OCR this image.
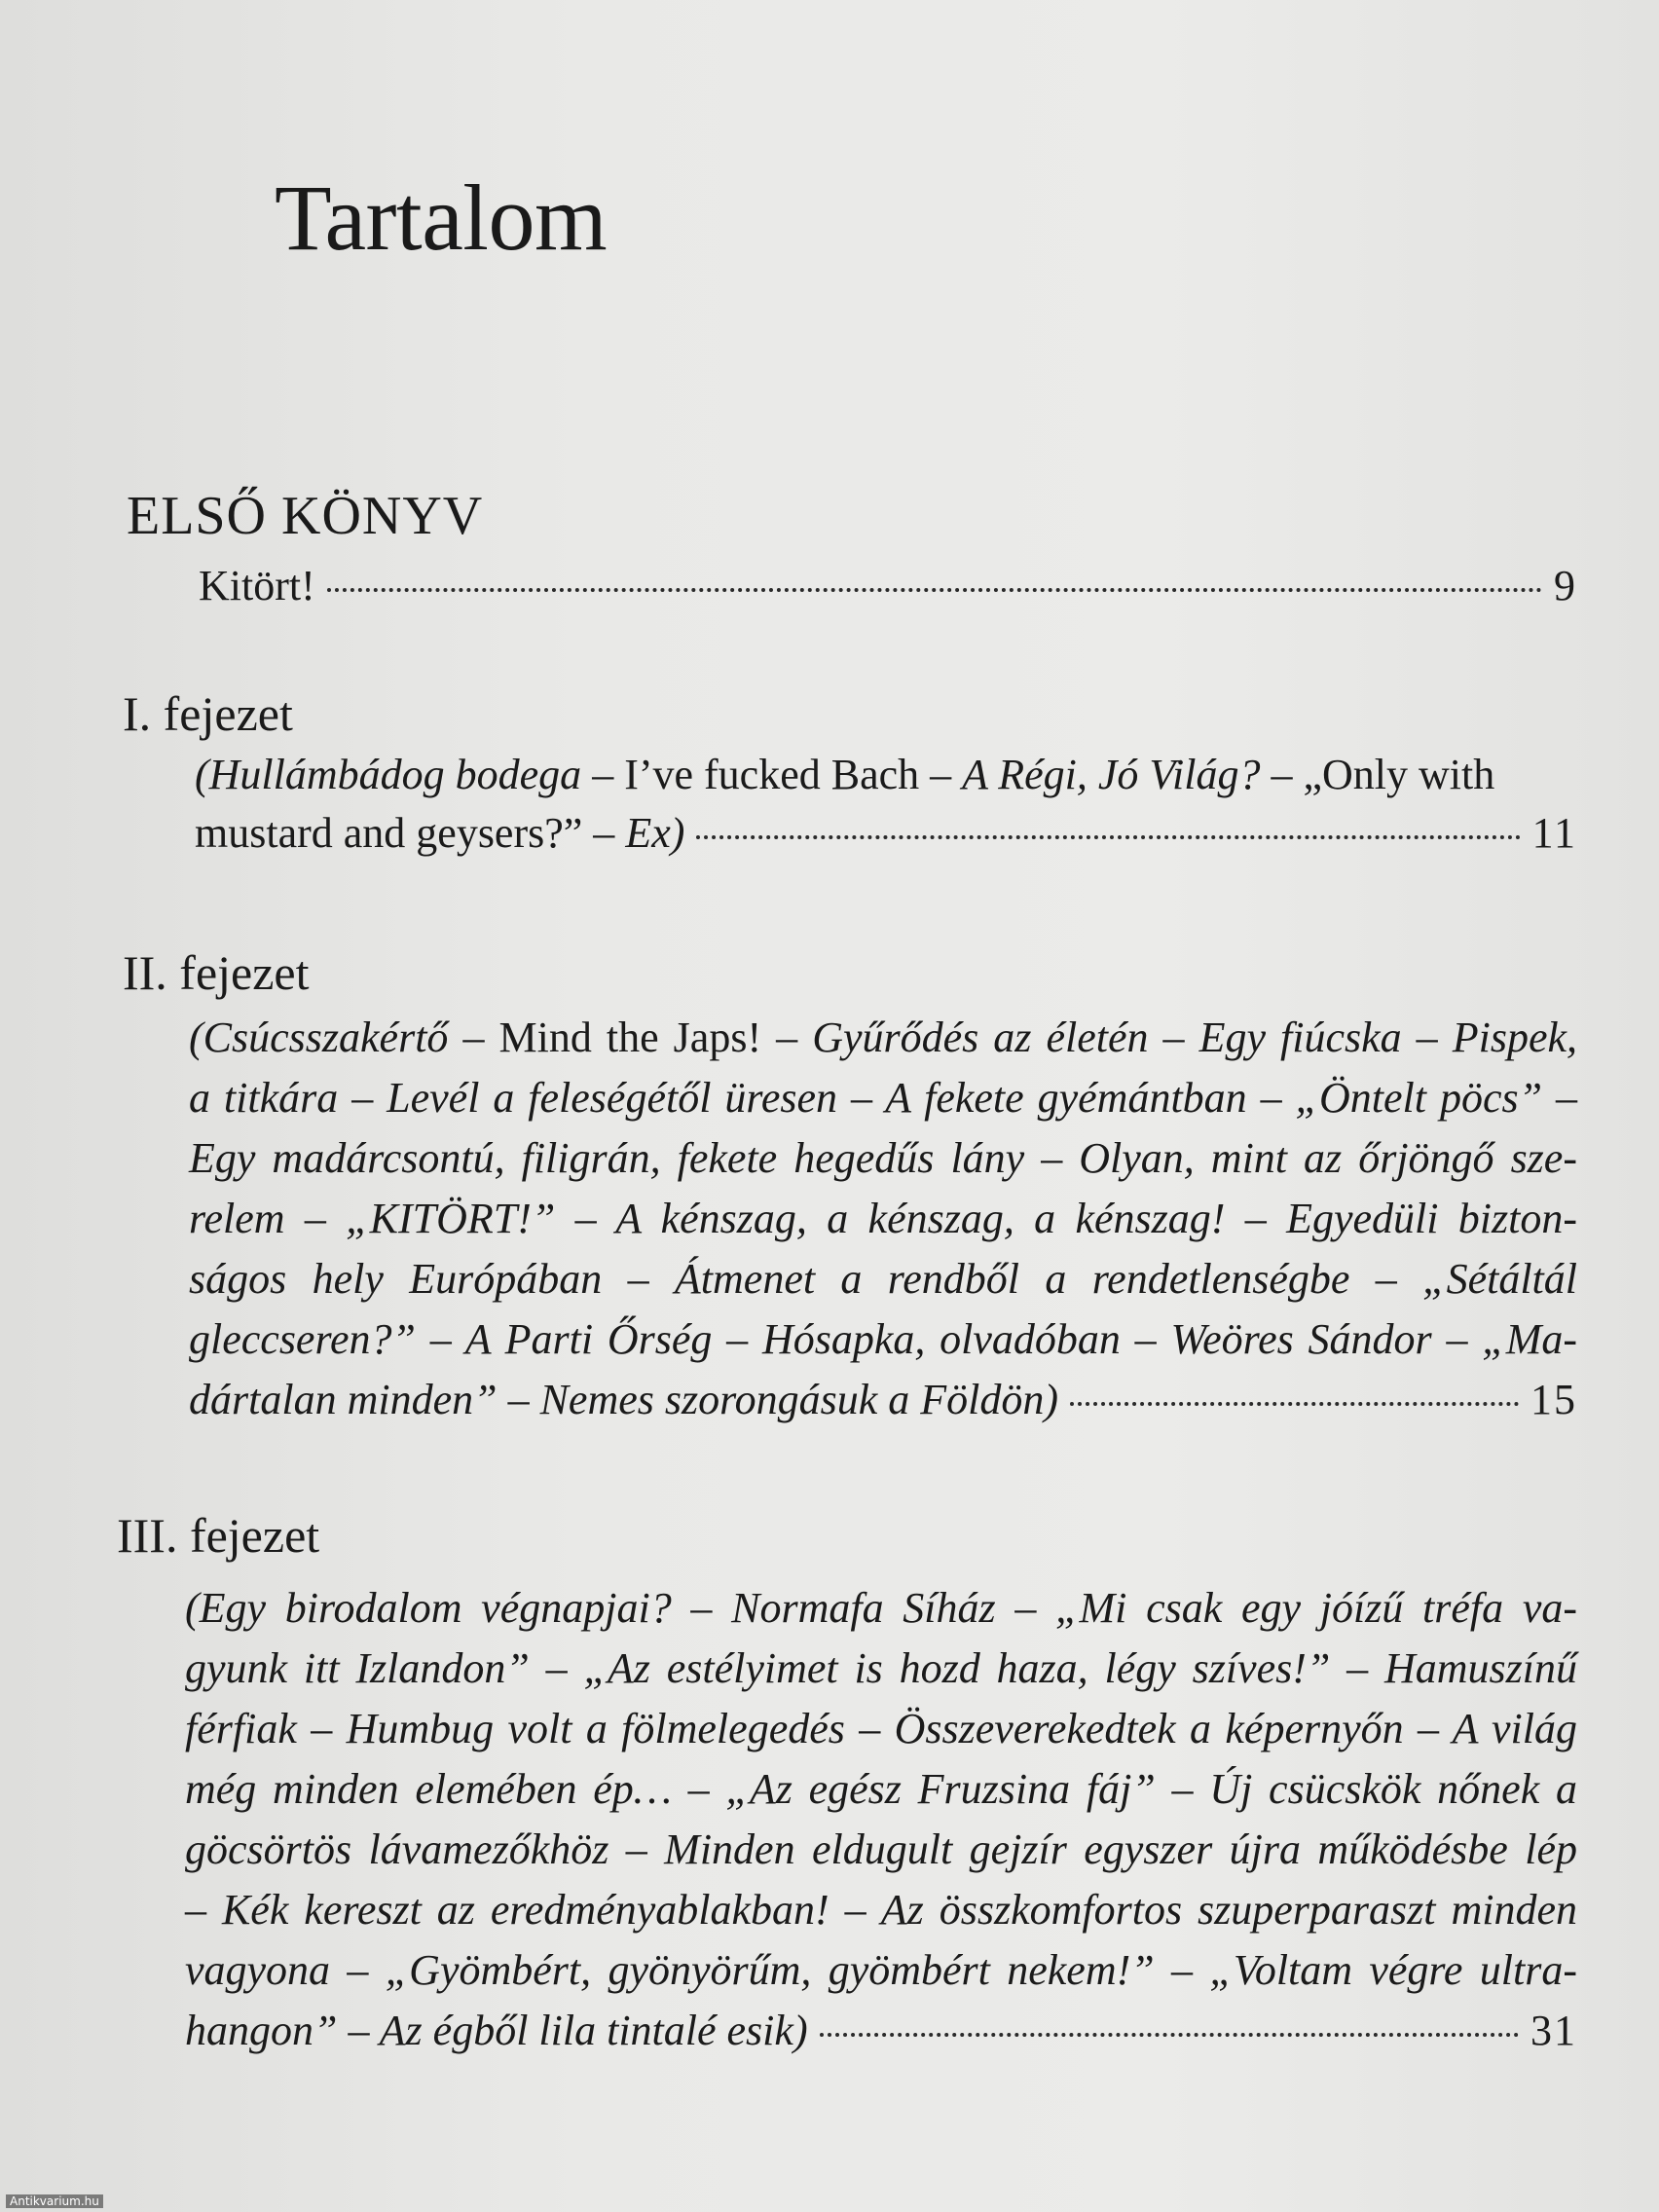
Tartalom
ELSŐ KÖNYV
Kitört!	9
I. fejezet
(Hullámbádog bodega – I’ve fucked Bach – A Régi, Jó Világ? – „Only with
mustard and geysers?” – Ex)	11
II. fejezet
(Csúcsszakértő – Mind the Japs! – Gyűrődés az életén – Egy fiúcska – Pispek,
a titkára – Levél a feleségétől üresen – A fekete gyémántban – „Öntelt pöcs” –
Egy madárcsontú, filigrán, fekete hegedűs lány – Olyan, mint az őrjöngő sze-
relem – „KITÖRT!” – A kénszag, a kénszag, a kénszag! – Egyedüli bizton-
ságos hely Európában – Átmenet a rendből a rendetlenségbe – „Sétáltál
gleccseren?” – A Parti Őrség – Hósapka, olvadóban – Weöres Sándor – „Ma-
dártalan minden” – Nemes szorongásuk a Földön)	15
III. fejezet
(Egy birodalom végnapjai? – Normafa Síház – „Mi csak egy jóízű tréfa va-
gyunk itt Izlandon” – „Az estélyimet is hozd haza, légy szíves!” – Hamuszínű
férfiak – Humbug volt a fölmelegedés – Összeverekedtek a képernyőn – A világ
még minden elemében ép… – „Az egész Fruzsina fáj” – Új csücskök nőnek a
göcsörtös lávamezőkhöz – Minden eldugult gejzír egyszer újra működésbe lép
– Kék kereszt az eredményablakban! – Az összkomfortos szuperparaszt minden
vagyona – „Gyömbért, gyönyörűm, gyömbért nekem!” – „Voltam végre ultra-
hangon” – Az égből lila tintalé esik)	31
Antikvarium.hu
